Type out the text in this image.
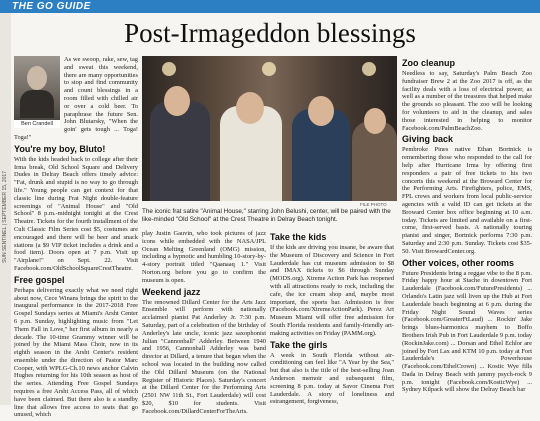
THE GO GUIDE
SUN SENTINEL | SEPTEMBER 15, 2017
Post-Irmageddon blessings
Ben Crandell

As we swoop, rake, sew, tag and sweat this weekend, there are many opportunities to stop and find community and count blessings in a room filled with chilled air or over a cold beer. To paraphrase the future Sen. John Blutarsky, "When the goin' gets tough ... Toga! Toga!"

You're my boy, Bluto!

With the kids headed back to college after their Irma break, Old School Square and Delivery Dudes in Delray Beach offers timely advice: "Fat, drunk and stupid is no way to go through life." Young people can get context for that classic line during Frat Night double-feature screenings of "Animal House" and "Old School" 8 p.m.-midnight tonight at the Crest Theatre. Tickets for the fourth installment of the Cult Classic Film Series cost $5, costumes are encouraged and there will be beer and snack stations (a $9 VIP ticket includes a drink and a food item). Doors open at 7 p.m. Visit up "Airplane!" on Sept. 22. Visit Facebook.com/OldSchoolSquareCrestTheatre.

Free gospel

Perhaps delivering exactly what we need right about now, Cece Winans brings the spirit to the inaugural performance in the 2017-2018 Free Gospel Sundays series at Miami's Arsht Center 6 p.m. Sunday, highlighting music from "Let Them Fall in Love," her first album in nearly a decade. The 10-time Grammy winner will be joined by the Miami Mass Choir, now in its eighth season in the Arsht Center's resident ensemble under the direction of Pastor Marc Cooper, with WPLG-Ch.10 news anchor Calvin Hughes returning for his 10th season as host of the series. Attending Free Gospel Sundays requires a free Arsht Access Pass, all of which have been claimed. But there also is a standby line that allows free access to seats that go unused, which

FILE PHOTO
The iconic frat satire "Animal House," starring John Belushi, center, will be paired with the like-minded "Old School" at the Crest Theatre in Delray Beach tonight.

play Justin Gauvin, who took pictures of jazz icons while embedded with the NASA/JPL Ocean Melting Greenland (OMG) mission, including a hypnotic and humbling 10-story-by-4-story portrait titled "Qaanaaq 1." Visit Norton.org before you go to confirm the museum is open.

Weekend jazz

The renowned Dillard Center for the Arts Jazz Ensemble will perform with nationally acclaimed pianist Pat Anderley Jr. 7:30 p.m. Saturday, part of a celebration of the birthday of Anderley's late uncle, iconic jazz saxophonist Julian "Cannonball" Adderley. Between 1940 and 1956, Cannonball Adderley was band director at Dillard, a tenure that began when the school was located in the building now called the Old Dillard Museum (on the National Register of Historic Places). Saturday's concert at the Dillard Center for the Performing Arts (2501 NW 11th St., Fort Lauderdale) will cost $20, $10 for students. Visit Facebook.com/DillardCenterForTheArts.

Take the kids

If the kids are driving you insane, be aware that the Museum of Discovery and Science in Fort Lauderdale has cut museum admission to $8 and IMAX tickets to $6 through Sunday (MODS.org). Xtreme Action Park has reopened with all attractions ready to rock, including the cafe, the ice cream shop and, maybe most important, the sports bar. Admission is free (Facebook.com/XtremeActionPark). Perez Art Museum Miami will offer free admission for South Florida residents and family-friendly art-making activities on Friday (PAMM.org).

Take the girls

A week in South Florida without air-conditioning can feel like "A Year by the Sea," but that also is the title of the best-selling Joan Anderson memoir and subsequent film, screening 8 p.m. today at Savor Cinema Fort Lauderdale. A story of loneliness and estrangement, forgiveness,

Zoo cleanup

Needless to say, Saturday's Palm Beach Zoo fundraiser Brew 2 at the Zoo 2017 is off, as the facility deals with a loss of electrical power, as well as a number of the treasures that helped make the grounds so pleasant. The zoo will be looking for volunteers to aid in the cleanup, and sales those interested in helping to monitor Facebook.com/PalmBeachZoo.

Giving back

Pembroke Pines native Ethan Bortnick is remembering those who responded to the call for help after Hurricane Irma by offering first responders a pair of free tickets to his two concerts this weekend at the Broward Center for the Performing Arts. Firefighters, police, EMS, FPL crews and workers from local public-service agencies with a valid ID can get tickets at the Broward Center box office beginning at 10 a.m. today. Tickets are limited and available on a first-come, first-served basis. A nationally touring pianist and singer, Bortnick performs 7:30 p.m. Saturday and 2:30 p.m. Sunday. Tickets cost $35-50. Visit BrowardCenter.org.

Other voices, other rooms

Future Presidents bring a reggae vibe to the 8 p.m. Friday happy hour at Stache in downtown Fort Lauderdale (Facebook.com/FuturePresidents) ... Orlando's Latin jazz will liven up the Hub at Fort Lauderdale beach beginning at 6 p.m. during the Friday Night Sound Waves series (Facebook.com/GreaterFtLaud) ... Rockin' Jake brings blues-harmonica mayhem to Boffo Brothers Irish Pub in Fort Lauderdale 9 p.m. today (RockinJake.com) ... Dorsan and Ethel Echlor are joined by Fort Lax and KTM 10 p.m. today at Fort Lauderdale's Powerhouse (Facebook.com/EthelCrown) ... Kostic Wye fills Dada in Delray Beach with jammy psych-rock 9 p.m. tonight (Facebook.com/KosticWye) ... Sydney Kilpack will show the Delray Beach bar
